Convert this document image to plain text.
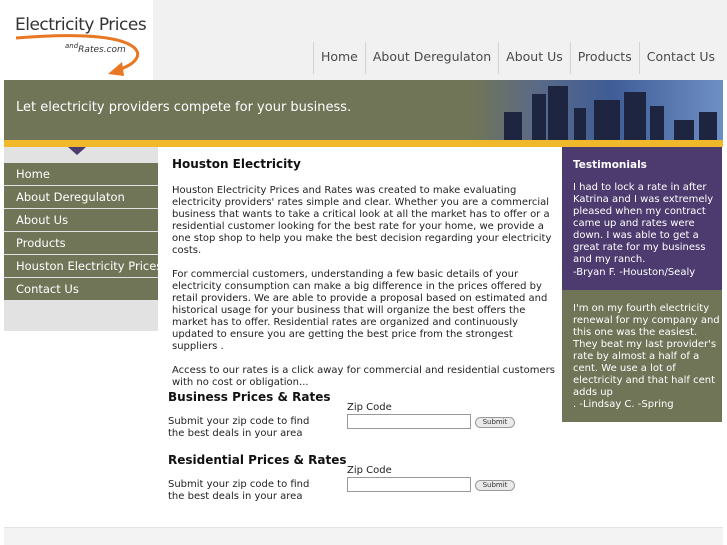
Electricity Prices
$^{and}$Rates.com	Home	About Deregulaton	About Us	Products	Contact Us
Let electricity providers compete for your business.
Home
About Deregulaton
About Us
Products
Houston Electricity Prices
Contact Us
Houston Electricity

Houston Electricity Prices and Rates was created to make evaluating electricity providers' rates simple and clear. Whether you are a commercial business that wants to take a critical look at all the market has to offer or a residential customer looking for the best rate for your home, we provide a one stop shop to help you make the best decision regarding your electricity costs.

For commercial customers, understanding a few basic details of your electricity consumption can make a big difference in the prices offered by retail providers. We are able to provide a proposal based on estimated and historical usage for your business that will organize the best offers the market has to offer. Residential rates are organized and continuously updated to ensure you are getting the best price from the strongest suppliers .

Access to our rates is a click away for commercial and residential customers with no cost or obligation...

Business Prices & Rates
Zip Code
Submit your zip code to find the best deals in your area
Submit
Residential Prices & Rates
Zip Code
Submit your zip code to find the best deals in your area
Submit
Testimonials

I had to lock a rate in after Katrina and I was extremely pleased when my contract came up and rates were down. I was able to get a great rate for my business and my ranch.

-Bryan F. -Houston/Sealy

I'm on my fourth electricity renewal for my company and this one was the easiest. They beat my last provider's rate by almost a half of a cent. We use a lot of electricity and that half cent adds up

. -Lindsay C. -Spring
